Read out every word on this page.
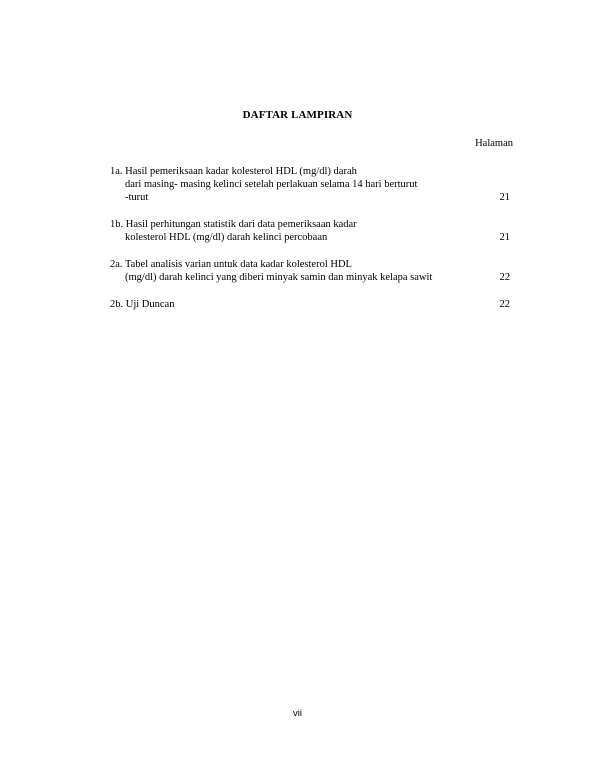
DAFTAR LAMPIRAN
Halaman
1a. Hasil pemeriksaan kadar kolesterol HDL (mg/dl) darah
dari masing- masing kelinci setelah perlakuan selama 14 hari berturut
-turut	21
1b. Hasil perhitungan statistik dari data pemeriksaan kadar
kolesterol HDL (mg/dl) darah kelinci percobaan	21
2a. Tabel analisis varian untuk data kadar kolesterol HDL
(mg/dl) darah kelinci yang diberi minyak samin dan minyak kelapa sawit	22
2b. Uji Duncan	22
vii
